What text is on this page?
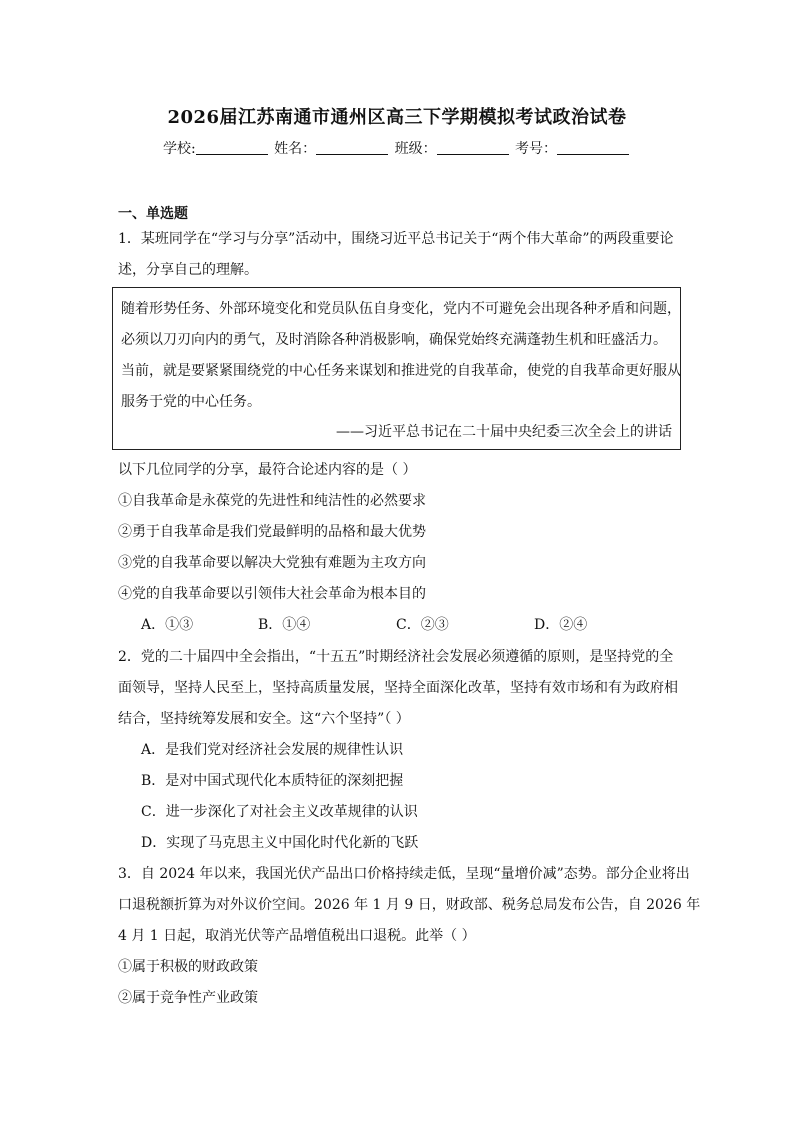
2026届江苏南通市通州区高三下学期模拟考试政治试卷
学校:	姓名：	班级：	考号：
一、单选题
1．某班同学在“学习与分享”活动中，围绕习近平总书记关于“两个伟大革命”的两段重要论
述，分享自己的理解。
随着形势任务、外部环境变化和党员队伍自身变化，党内不可避免会出现各种矛盾和问题，
必须以刀刃向内的勇气，及时消除各种消极影响，确保党始终充满蓬勃生机和旺盛活力。
当前，就是要紧紧围绕党的中心任务来谋划和推进党的自我革命，使党的自我革命更好服从
服务于党的中心任务。
——习近平总书记在二十届中央纪委三次全会上的讲话
以下几位同学的分享，最符合论述内容的是（ ）
①自我革命是永葆党的先进性和纯洁性的必然要求
②勇于自我革命是我们党最鲜明的品格和最大优势
③党的自我革命要以解决大党独有难题为主攻方向
④党的自我革命要以引领伟大社会革命为根本目的
A．①③	B．①④	C．②③	D．②④
2．党的二十届四中全会指出，“十五五”时期经济社会发展必须遵循的原则，是坚持党的全
面领导，坚持人民至上，坚持高质量发展，坚持全面深化改革，坚持有效市场和有为政府相
结合，坚持统筹发展和安全。这“六个坚持”（ ）
A．是我们党对经济社会发展的规律性认识
B．是对中国式现代化本质特征的深刻把握
C．进一步深化了对社会主义改革规律的认识
D．实现了马克思主义中国化时代化新的飞跃
3．自 2024 年以来，我国光伏产品出口价格持续走低，呈现“量增价减”态势。部分企业将出
口退税额折算为对外议价空间。2026 年 1 月 9 日，财政部、税务总局发布公告，自 2026 年
4 月 1 日起，取消光伏等产品增值税出口退税。此举（ ）
①属于积极的财政政策
②属于竞争性产业政策
